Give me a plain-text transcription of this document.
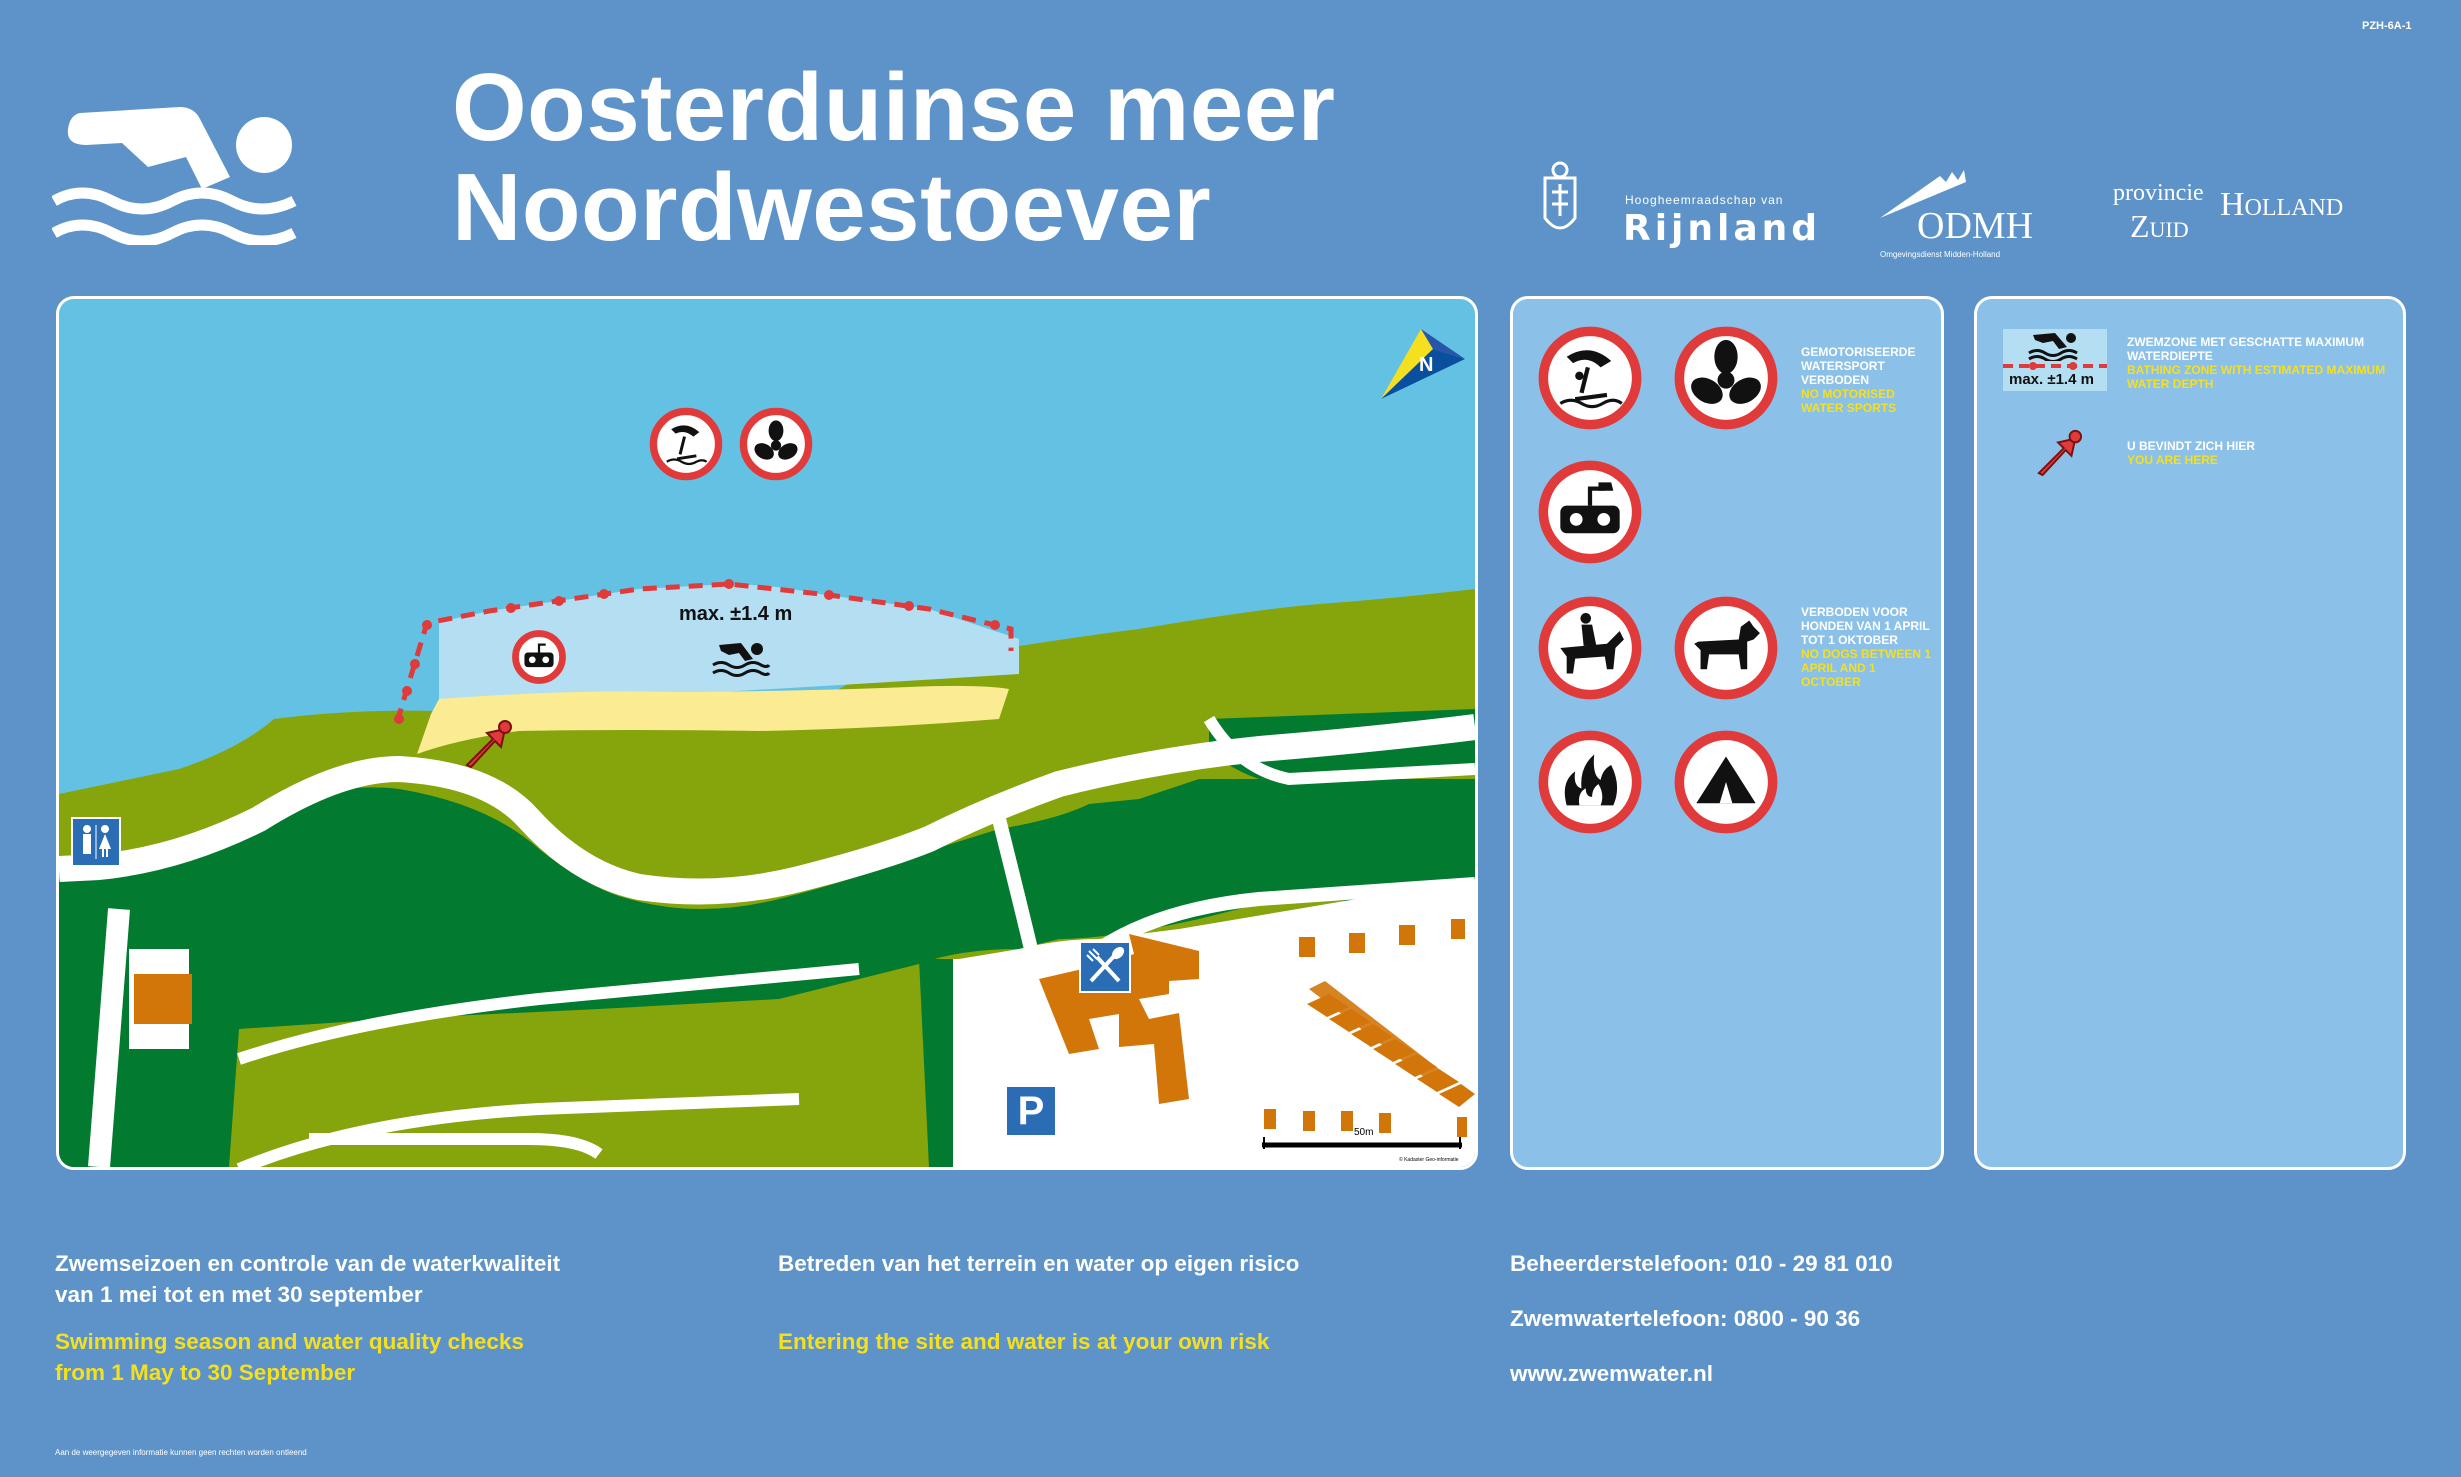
PZH-6A-1
Oosterduinse meer
Noordwestoever	Hoogheemraadschap van
Rijnland	ODMH
Omgevingsdienst Midden-Holland
provincie
Zuid
Holland
50m
© Kadaster Geo-informatie
N
max. ±1.4 m
P
GEMOTORISEERDE WATERSPORT VERBODEN
NO MOTORISED WATER SPORTS
VERBODEN VOOR HONDEN VAN 1 APRIL TOT 1 OKTOBER
NO DOGS BETWEEN 1 APRIL AND 1 OCTOBER
max. ±1.4 m
ZWEMZONE MET GESCHATTE MAXIMUM WATERDIEPTE
BATHING ZONE WITH ESTIMATED MAXIMUM WATER DEPTH
U BEVINDT ZICH HIER
YOU ARE HERE
Zwemseizoen en controle van de waterkwaliteit
van 1 mei tot en met 30 september
Swimming season and water quality checks
from 1 May to 30 September
Betreden van het terrein en water op eigen risico
Entering the site and water is at your own risk
Beheerderstelefoon: 010 - 29 81 010
Zwemwatertelefoon: 0800 - 90 36
www.zwemwater.nl
Aan de weergegeven informatie kunnen geen rechten worden ontleend
